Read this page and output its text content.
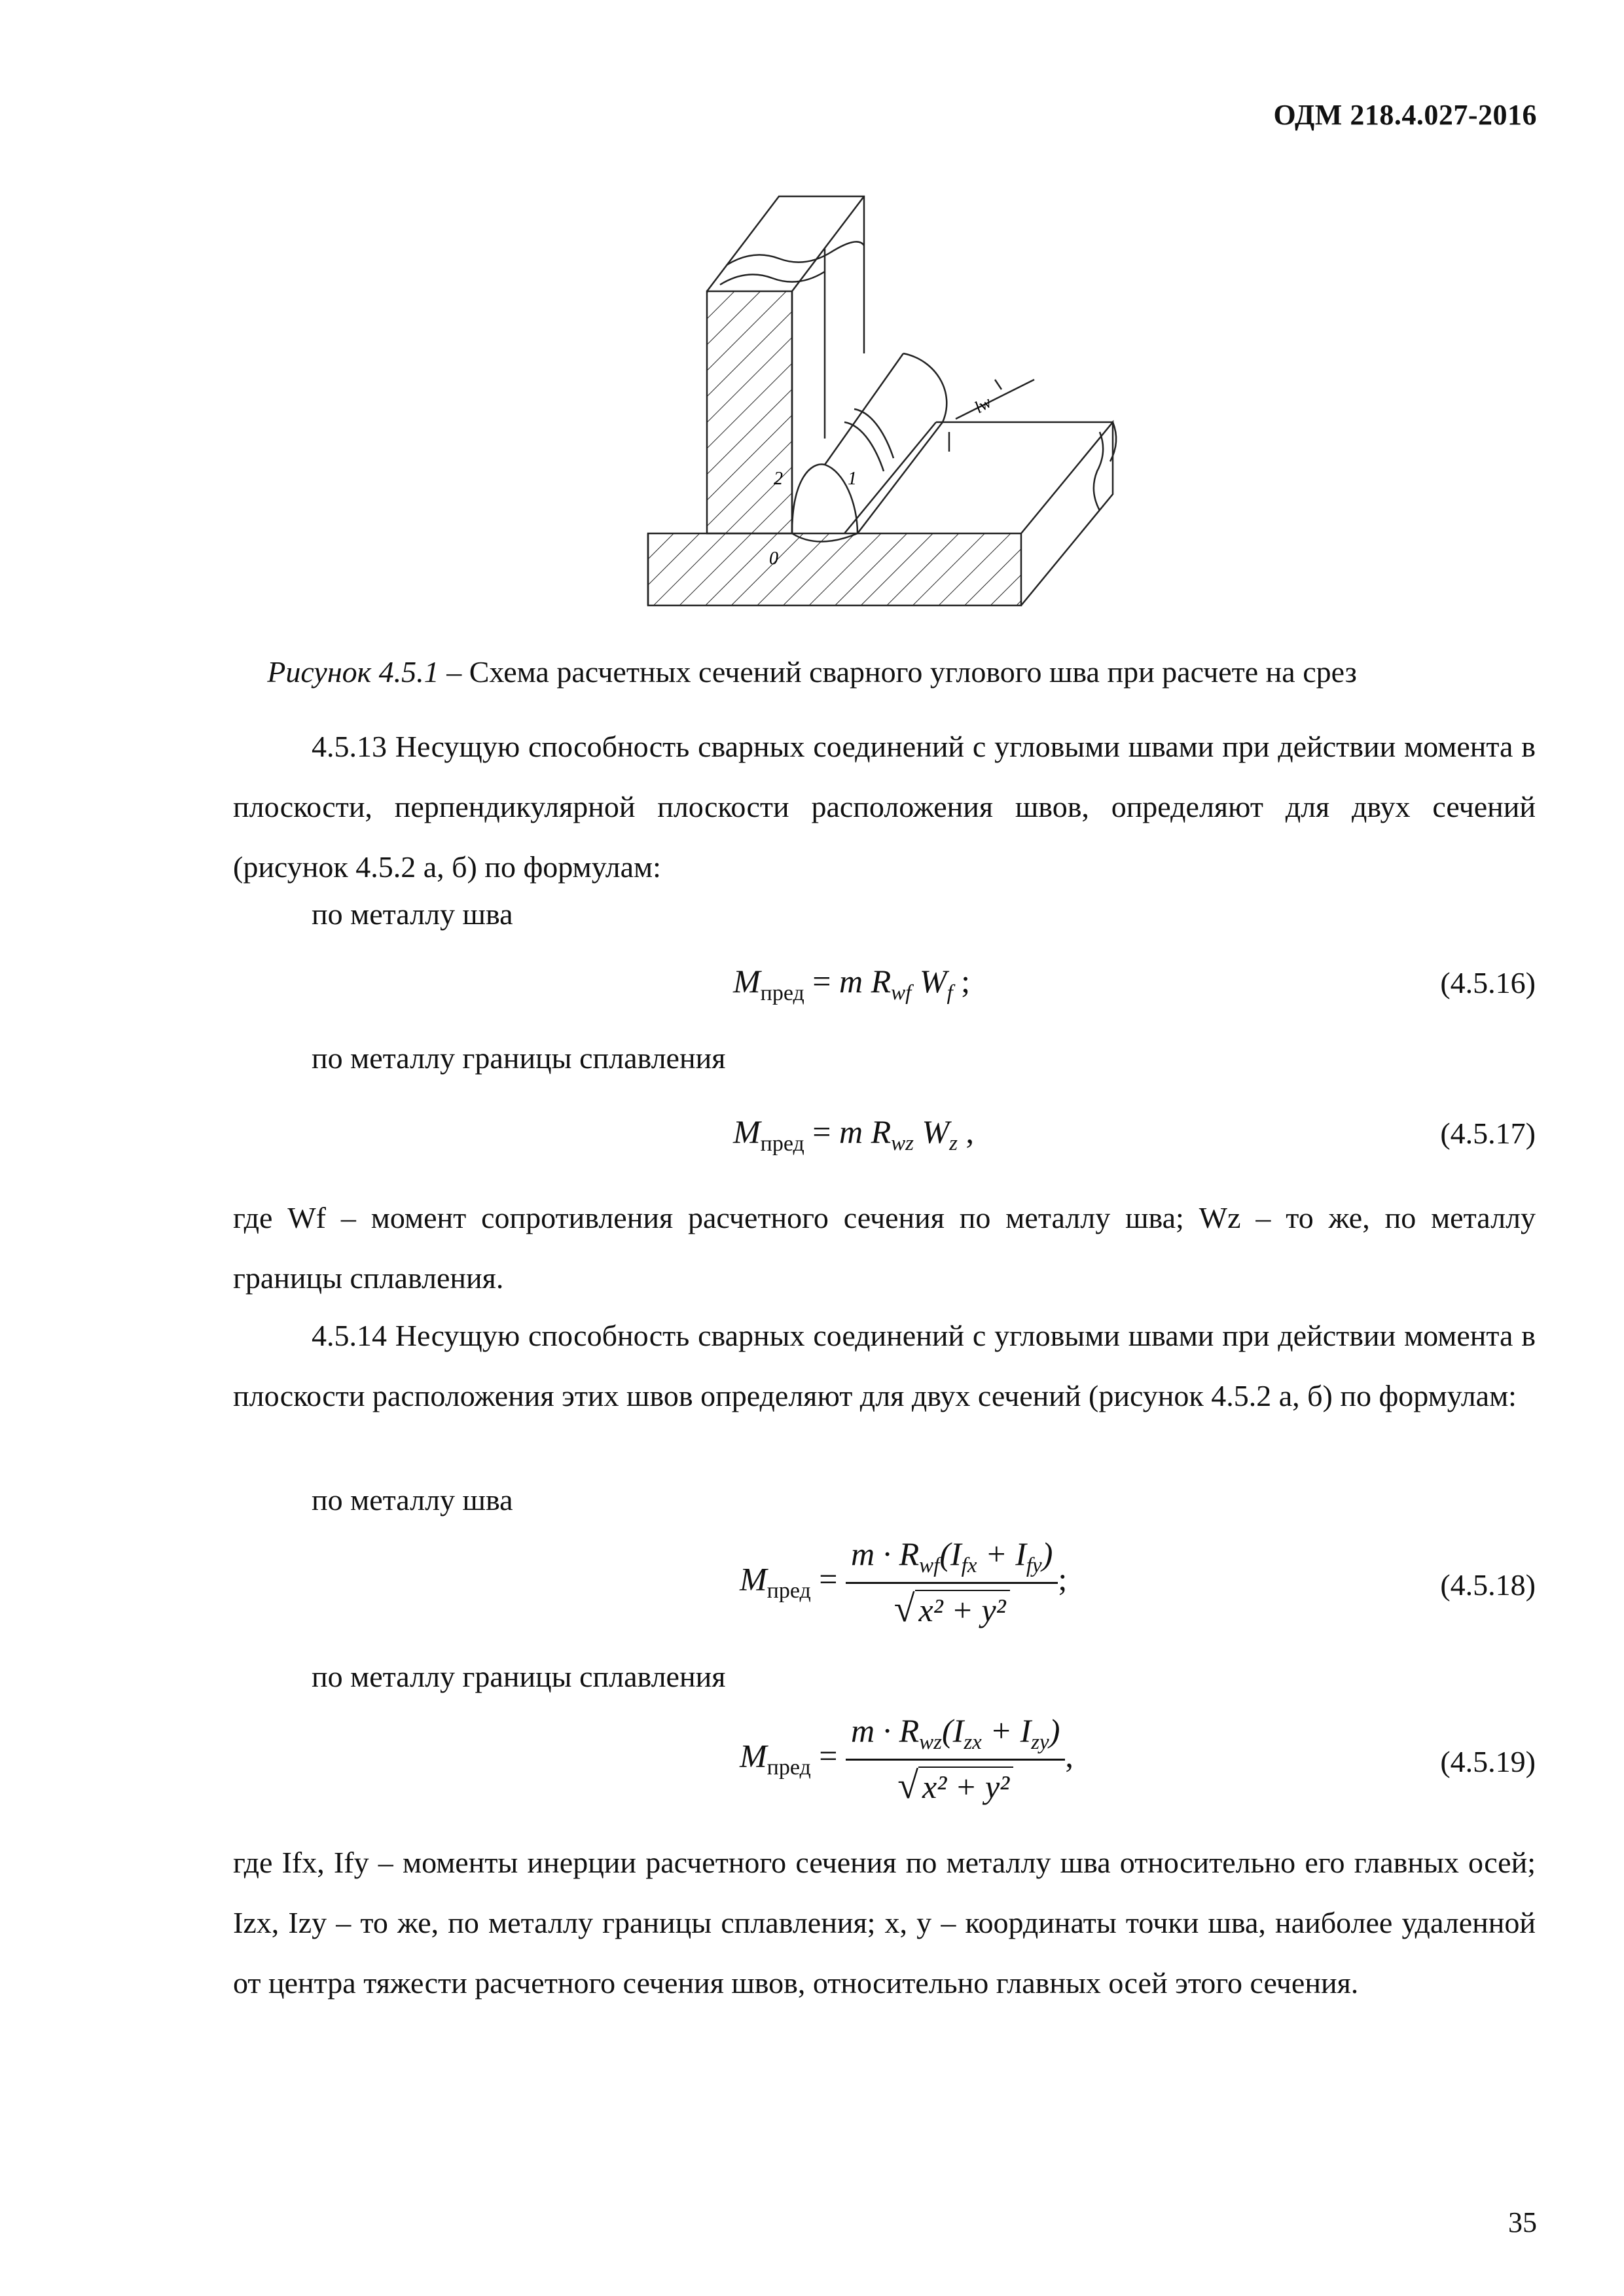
ОДМ 218.4.027-2016
2	1
0
lw
Рисунок 4.5.1 – Схема расчетных сечений сварного углового шва при расчете на срез
4.5.13 Несущую способность сварных соединений с угловыми швами при действии момента в плоскости, перпендикулярной плоскости расположения швов, определяют для двух сечений (рисунок 4.5.2 а, б) по формулам:
по металлу шва
$M_{пред} = m$ $R_{wf}$ $W_f$ ;	(4.5.16)
по металлу границы сплавления
$M_{пред} = m$ $R_{wz}$ $W_z$ ,	(4.5.17)
где Wf – момент сопротивления расчетного сечения по металлу шва; Wz – то же, по металлу границы сплавления.
4.5.14 Несущую способность сварных соединений с угловыми швами при действии момента в плоскости расположения этих швов определяют для двух сечений (рисунок 4.5.2 а, б) по формулам:
по металлу шва
$M_{пред} = \frac{m \cdot R_{wf}(I_{fx} + I_{fy})}{\text{√ x² + y²}}$ ;	(4.5.18)
по металлу границы сплавления
$M_{пред} = \frac{m \cdot R_{wz}(I_{zx} + I_{zy})}{\text{√ x² + y²}}$ ,	(4.5.19)
где Ifx, Ify – моменты инерции расчетного сечения по металлу шва относительно его главных осей; Izx, Izy – то же, по металлу границы сплавления; x, y – координаты точки шва, наиболее удаленной от центра тяжести расчетного сечения швов, относительно главных осей этого сечения.
35
